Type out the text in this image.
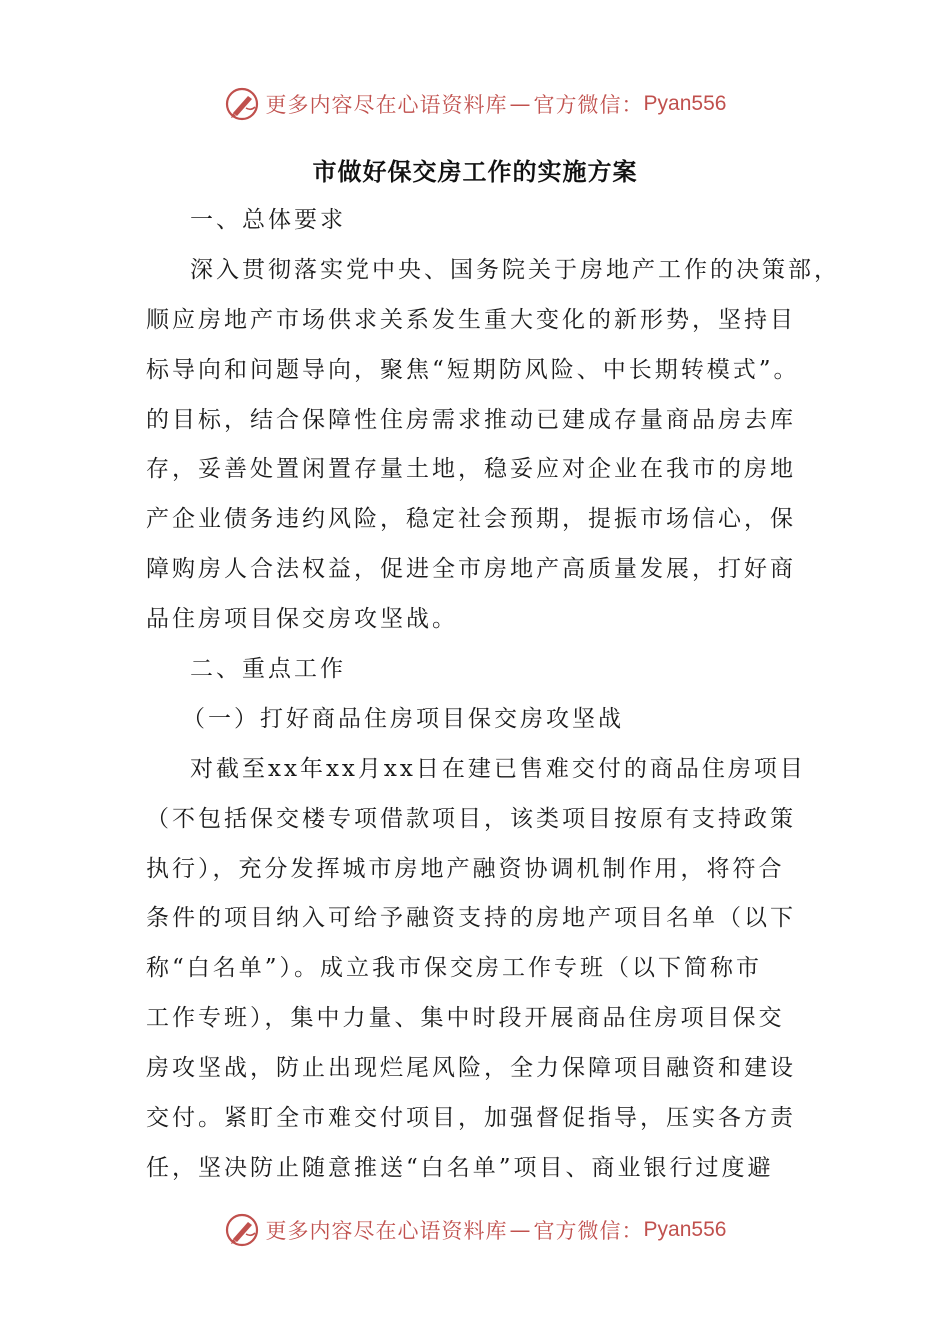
更多内容尽在心语资料库 — 官方微信： Pyan556
市做好保交房工作的实施方案
一、总体要求
深入贯彻落实党中央、国务院关于房地产工作的决策部，
顺应房地产市场供求关系发生重大变化的新形势，坚持目
标导向和问题导向，聚焦“短期防风险、中长期转模式”。
的目标，结合保障性住房需求推动已建成存量商品房去库
存，妥善处置闲置存量土地，稳妥应对企业在我市的房地
产企业债务违约风险，稳定社会预期，提振市场信心，保
障购房人合法权益，促进全市房地产高质量发展，打好商
品住房项目保交房攻坚战。
二、重点工作
（一）打好商品住房项目保交房攻坚战
对截至xx年xx月xx日在建已售难交付的商品住房项目
（不包括保交楼专项借款项目，该类项目按原有支持政策
执行），充分发挥城市房地产融资协调机制作用，将符合
条件的项目纳入可给予融资支持的房地产项目名单（以下
称“白名单”）。成立我市保交房工作专班（以下简称市
工作专班），集中力量、集中时段开展商品住房项目保交
房攻坚战，防止出现烂尾风险，全力保障项目融资和建设
交付。紧盯全市难交付项目，加强督促指导，压实各方责
任，坚决防止随意推送“白名单”项目、商业银行过度避
更多内容尽在心语资料库 — 官方微信： Pyan556
